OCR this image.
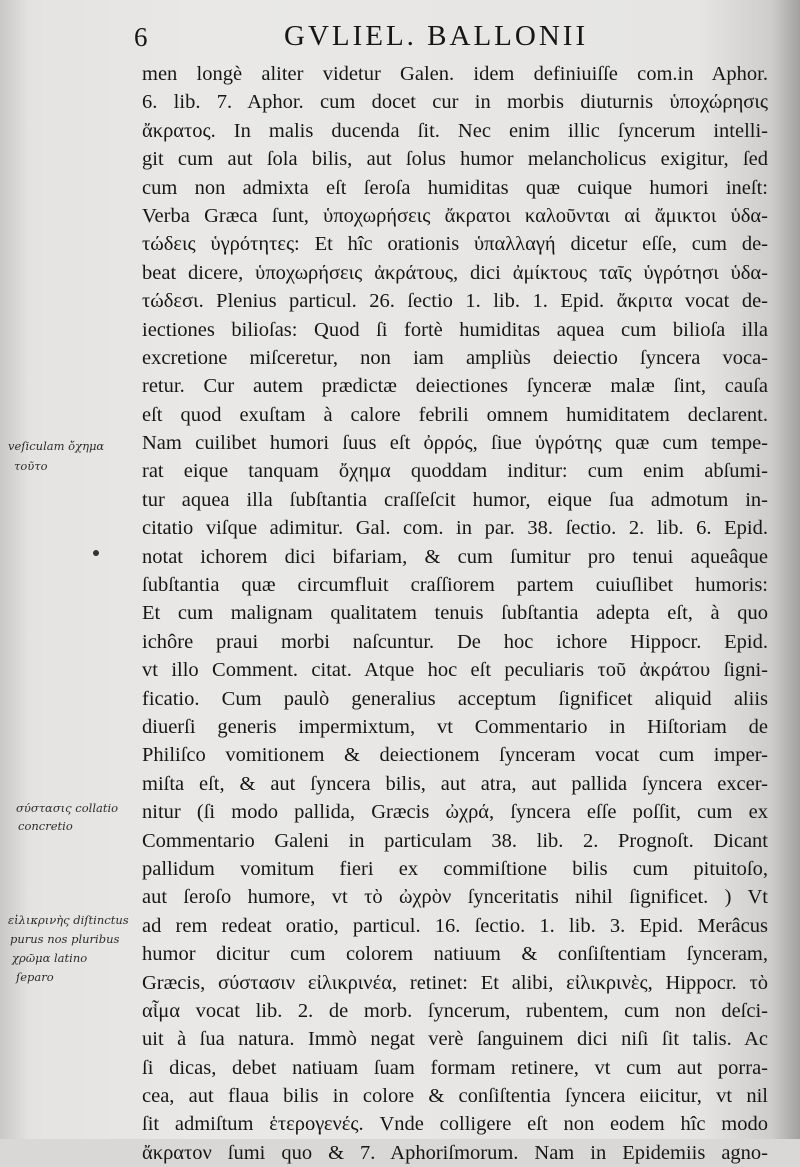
6	GVLIEL. BALLONII
men longè aliter videtur Galen. idem definiuiſſe com.in Aphor.
6. lib. 7. Aphor. cum docet cur in morbis diuturnis ὑποχώρησις
ἄκρατος. In malis ducenda ſit. Nec enim illic ſyncerum intelli-
git cum aut ſola bilis, aut ſolus humor melancholicus exigitur, ſed
cum non admixta eſt ſeroſa humiditas quæ cuique humori ineſt:
Verba Græca ſunt, ὑποχωρήσεις ἄκρατοι καλοῦνται αἱ ἄμικτοι ὑδα-
τώδεις ὑγρότητες: Et hîc orationis ὑπαλλαγή dicetur eſſe, cum de-
beat dicere, ὑποχωρήσεις ἀκράτους, dici ἀμίκτους ταῖς ὑγρότησι ὑδα-
τώδεσι. Plenius particul. 26. ſectio 1. lib. 1. Epid. ἄκριτα vocat de-
iectiones bilioſas: Quod ſi fortè humiditas aquea cum bilioſa illa
excretione miſceretur, non iam ampliùs deiectio ſyncera voca-
retur. Cur autem prædictæ deiectiones ſynceræ malæ ſint, cauſa
eſt quod exuſtam à calore febrili omnem humiditatem declarent.
Nam cuilibet humori ſuus eſt ὀρρός, ſiue ὑγρότης quæ cum tempe-
rat eique tanquam ὄχημα quoddam inditur: cum enim abſumi-
tur aquea illa ſubſtantia craſſeſcit humor, eique ſua admotum in-
citatio viſque adimitur. Gal. com. in par. 38. ſectio. 2. lib. 6. Epid.
notat ichorem dici bifariam, & cum ſumitur pro tenui aqueâque
ſubſtantia quæ circumfluit craſſiorem partem cuiuſlibet humoris:
Et cum malignam qualitatem tenuis ſubſtantia adepta eſt, à quo
ichôre praui morbi naſcuntur. De hoc ichore Hippocr. Epid.
vt illo Comment. citat. Atque hoc eſt peculiaris τοῦ ἀκράτου ſigni-
ficatio. Cum paulò generalius acceptum ſignificet aliquid aliis
diuerſi generis impermixtum, vt Commentario in Hiſtoriam de
Philiſco vomitionem & deiectionem ſynceram vocat cum imper-
miſta eſt, & aut ſyncera bilis, aut atra, aut pallida ſyncera excer-
nitur (ſi modo pallida, Græcis ὠχρά, ſyncera eſſe poſſit, cum ex
Commentario Galeni in particulam 38. lib. 2. Prognoſt. Dicant
pallidum vomitum fieri ex commiſtione bilis cum pituitoſo,
aut ſeroſo humore, vt τὸ ὠχρὸν ſynceritatis nihil ſignificet. ) Vt
ad rem redeat oratio, particul. 16. ſectio. 1. lib. 3. Epid. Merâcus
humor dicitur cum colorem natiuum & conſiſtentiam ſynceram,
Græcis, σύστασιν εἰλικρινέα, retinet: Et alibi, εἰλικρινὲς, Hippocr. τὸ
αἷμα vocat lib. 2. de morb. ſyncerum, rubentem, cum non deſci-
uit à ſua natura. Immò negat verè ſanguinem dici niſi ſit talis. Ac
ſi dicas, debet natiuam ſuam formam retinere, vt cum aut porra-
cea, aut flaua bilis in colore & conſiſtentia ſyncera eiicitur, vt nil
ſit admiſtum ἑτερογενές. Vnde colligere eſt non eodem hîc modo
ἄκρατον ſumi quo & 7. Aphoriſmorum. Nam in Epidemiis agno-
veſiculam ὄχημα
τοῦτο
σύστασις collatio
concretio
εἰλικρινὴς diſtinctus
purus nos pluribus
χρῶμα latino
ſeparo
